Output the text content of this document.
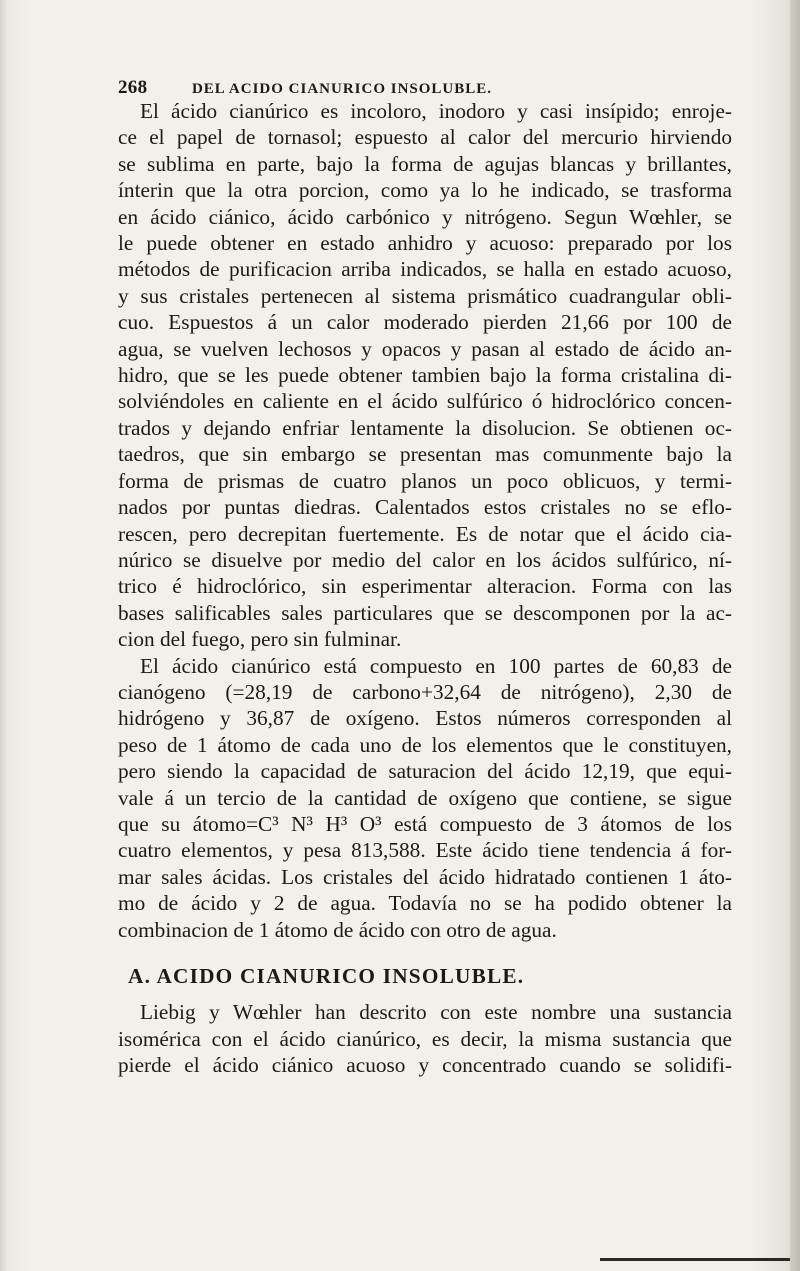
268	DEL ACIDO CIANURICO INSOLUBLE.

El ácido cianúrico es incoloro, inodoro y casi insípido; enroje-
ce el papel de tornasol; espuesto al calor del mercurio hirviendo
se sublima en parte, bajo la forma de agujas blancas y brillantes,
ínterin que la otra porcion, como ya lo he indicado, se trasforma
en ácido ciánico, ácido carbónico y nitrógeno. Segun Wœhler, se
le puede obtener en estado anhidro y acuoso: preparado por los
métodos de purificacion arriba indicados, se halla en estado acuoso,
y sus cristales pertenecen al sistema prismático cuadrangular obli-
cuo. Espuestos á un calor moderado pierden 21,66 por 100 de
agua, se vuelven lechosos y opacos y pasan al estado de ácido an-
hidro, que se les puede obtener tambien bajo la forma cristalina di-
solviéndoles en caliente en el ácido sulfúrico ó hidroclórico concen-
trados y dejando enfriar lentamente la disolucion. Se obtienen oc-
taedros, que sin embargo se presentan mas comunmente bajo la
forma de prismas de cuatro planos un poco oblicuos, y termi-
nados por puntas diedras. Calentados estos cristales no se eflo-
rescen, pero decrepitan fuertemente. Es de notar que el ácido cia-
núrico se disuelve por medio del calor en los ácidos sulfúrico, ní-
trico é hidroclórico, sin esperimentar alteracion. Forma con las
bases salificables sales particulares que se descomponen por la ac-
cion del fuego, pero sin fulminar.

El ácido cianúrico está compuesto en 100 partes de 60,83 de
cianógeno (=28,19 de carbono+32,64 de nitrógeno), 2,30 de
hidrógeno y 36,87 de oxígeno. Estos números corresponden al
peso de 1 átomo de cada uno de los elementos que le constituyen,
pero siendo la capacidad de saturacion del ácido 12,19, que equi-
vale á un tercio de la cantidad de oxígeno que contiene, se sigue
que su átomo=C³ N³ H³ O³ está compuesto de 3 átomos de los
cuatro elementos, y pesa 813,588. Este ácido tiene tendencia á for-
mar sales ácidas. Los cristales del ácido hidratado contienen 1 áto-
mo de ácido y 2 de agua. Todavía no se ha podido obtener la
combinacion de 1 átomo de ácido con otro de agua.

A. ACIDO CIANURICO INSOLUBLE.

Liebig y Wœhler han descrito con este nombre una sustancia
isomérica con el ácido cianúrico, es decir, la misma sustancia que
pierde el ácido ciánico acuoso y concentrado cuando se solidifi-
